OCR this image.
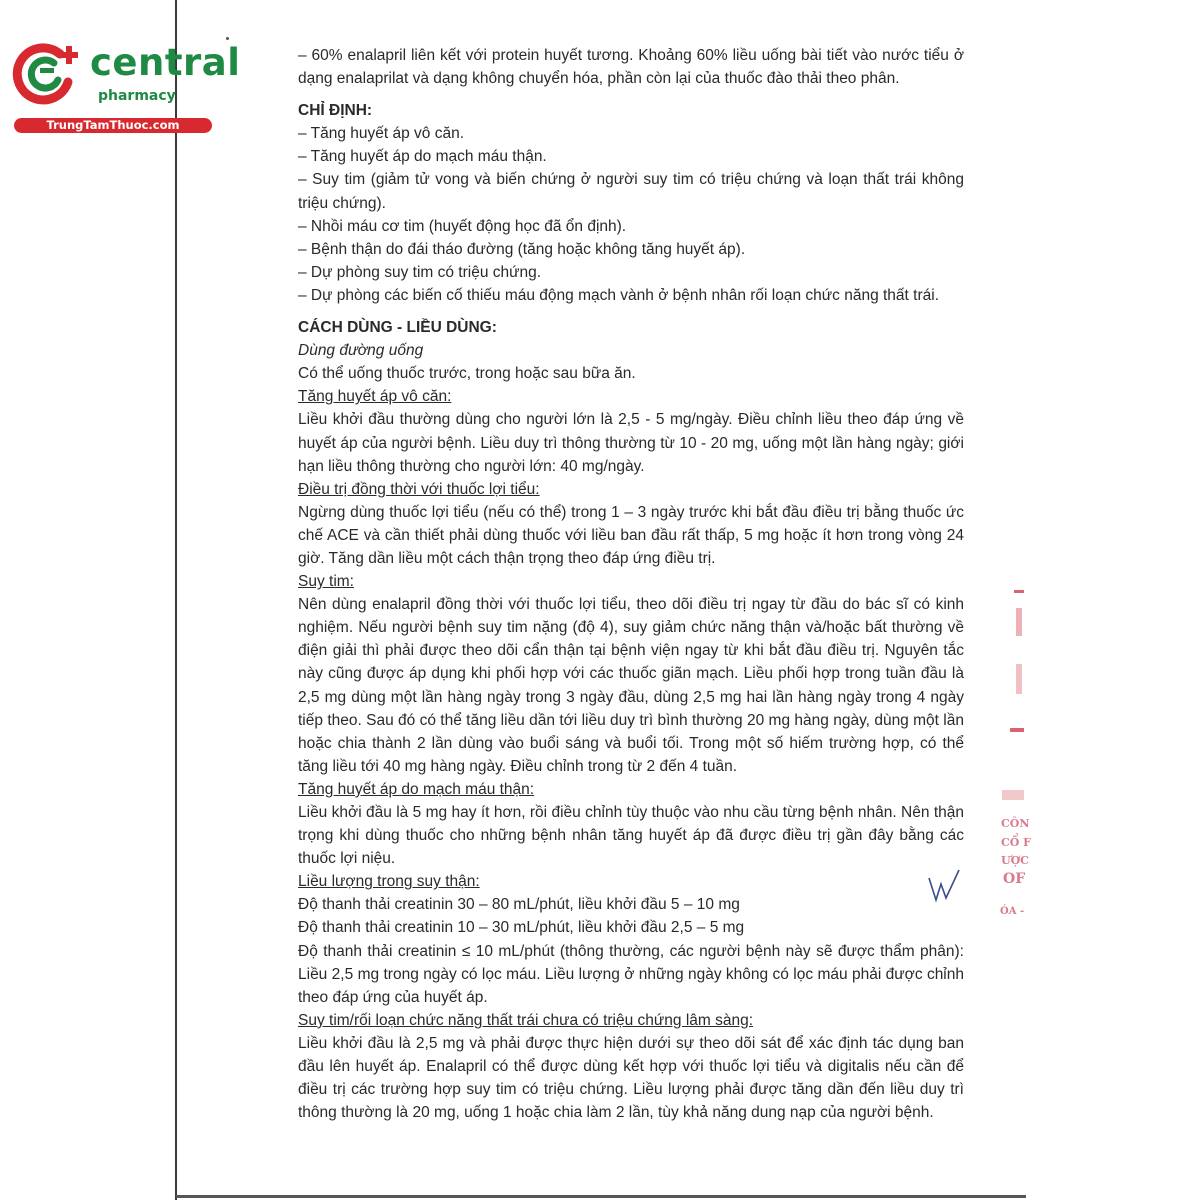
central
pharmacy
TrungTamThuoc.com

– 60% enalapril liên kết với protein huyết tương. Khoảng 60% liều uống bài tiết vào nước tiểu ở dạng enalaprilat và dạng không chuyển hóa, phần còn lại của thuốc đào thải theo phân.

CHỈ ĐỊNH:

– Tăng huyết áp vô căn.

– Tăng huyết áp do mạch máu thận.

– Suy tim (giảm tử vong và biến chứng ở người suy tim có triệu chứng và loạn thất trái không triệu chứng).

– Nhồi máu cơ tim (huyết động học đã ổn định).

– Bệnh thận do đái tháo đường (tăng hoặc không tăng huyết áp).

– Dự phòng suy tim có triệu chứng.

– Dự phòng các biến cố thiếu máu động mạch vành ở bệnh nhân rối loạn chức năng thất trái.

CÁCH DÙNG - LIỀU DÙNG:

Dùng đường uống

Có thể uống thuốc trước, trong hoặc sau bữa ăn.

Tăng huyết áp vô căn:

Liều khởi đầu thường dùng cho người lớn là 2,5 - 5 mg/ngày. Điều chỉnh liều theo đáp ứng về huyết áp của người bệnh. Liều duy trì thông thường từ 10 - 20 mg, uống một lần hàng ngày; giới hạn liều thông thường cho người lớn: 40 mg/ngày.

Điều trị đồng thời với thuốc lợi tiểu:

Ngừng dùng thuốc lợi tiểu (nếu có thể) trong 1 – 3 ngày trước khi bắt đầu điều trị bằng thuốc ức chế ACE và cần thiết phải dùng thuốc với liều ban đầu rất thấp, 5 mg hoặc ít hơn trong vòng 24 giờ. Tăng dần liều một cách thận trọng theo đáp ứng điều trị.

Suy tim:

Nên dùng enalapril đồng thời với thuốc lợi tiểu, theo dõi điều trị ngay từ đầu do bác sĩ có kinh nghiệm. Nếu người bệnh suy tim nặng (độ 4), suy giảm chức năng thận và/hoặc bất thường về điện giải thì phải được theo dõi cẩn thận tại bệnh viện ngay từ khi bắt đầu điều trị. Nguyên tắc này cũng được áp dụng khi phối hợp với các thuốc giãn mạch. Liều phối hợp trong tuần đầu là 2,5 mg dùng một lần hàng ngày trong 3 ngày đầu, dùng 2,5 mg hai lần hàng ngày trong 4 ngày tiếp theo. Sau đó có thể tăng liều dần tới liều duy trì bình thường 20 mg hàng ngày, dùng một lần hoặc chia thành 2 lần dùng vào buổi sáng và buổi tối. Trong một số hiếm trường hợp, có thể tăng liều tới 40 mg hàng ngày. Điều chỉnh trong từ 2 đến 4 tuần.

Tăng huyết áp do mạch máu thận:

Liều khởi đầu là 5 mg hay ít hơn, rồi điều chỉnh tùy thuộc vào nhu cầu từng bệnh nhân. Nên thận trọng khi dùng thuốc cho những bệnh nhân tăng huyết áp đã được điều trị gần đây bằng các thuốc lợi niệu.

Liều lượng trong suy thận:

Độ thanh thải creatinin 30 – 80 mL/phút, liều khởi đầu 5 – 10 mg

Độ thanh thải creatinin 10 – 30 mL/phút, liều khởi đầu 2,5 – 5 mg

Độ thanh thải creatinin ≤ 10 mL/phút (thông thường, các người bệnh này sẽ được thẩm phân): Liều 2,5 mg trong ngày có lọc máu. Liều lượng ở những ngày không có lọc máu phải được chỉnh theo đáp ứng của huyết áp.

Suy tim/rối loạn chức năng thất trái chưa có triệu chứng lâm sàng:

Liều khởi đầu là 2,5 mg và phải được thực hiện dưới sự theo dõi sát để xác định tác dụng ban đầu lên huyết áp. Enalapril có thể được dùng kết hợp với thuốc lợi tiểu và digitalis nếu cần để điều trị các trường hợp suy tim có triệu chứng. Liều lượng phải được tăng dần đến liều duy trì thông thường là 20 mg, uống 1 hoặc chia làm 2 lần, tùy khả năng dung nạp của người bệnh.

CÔN
CỔ F
ƯỢC
OF
ÓA -
